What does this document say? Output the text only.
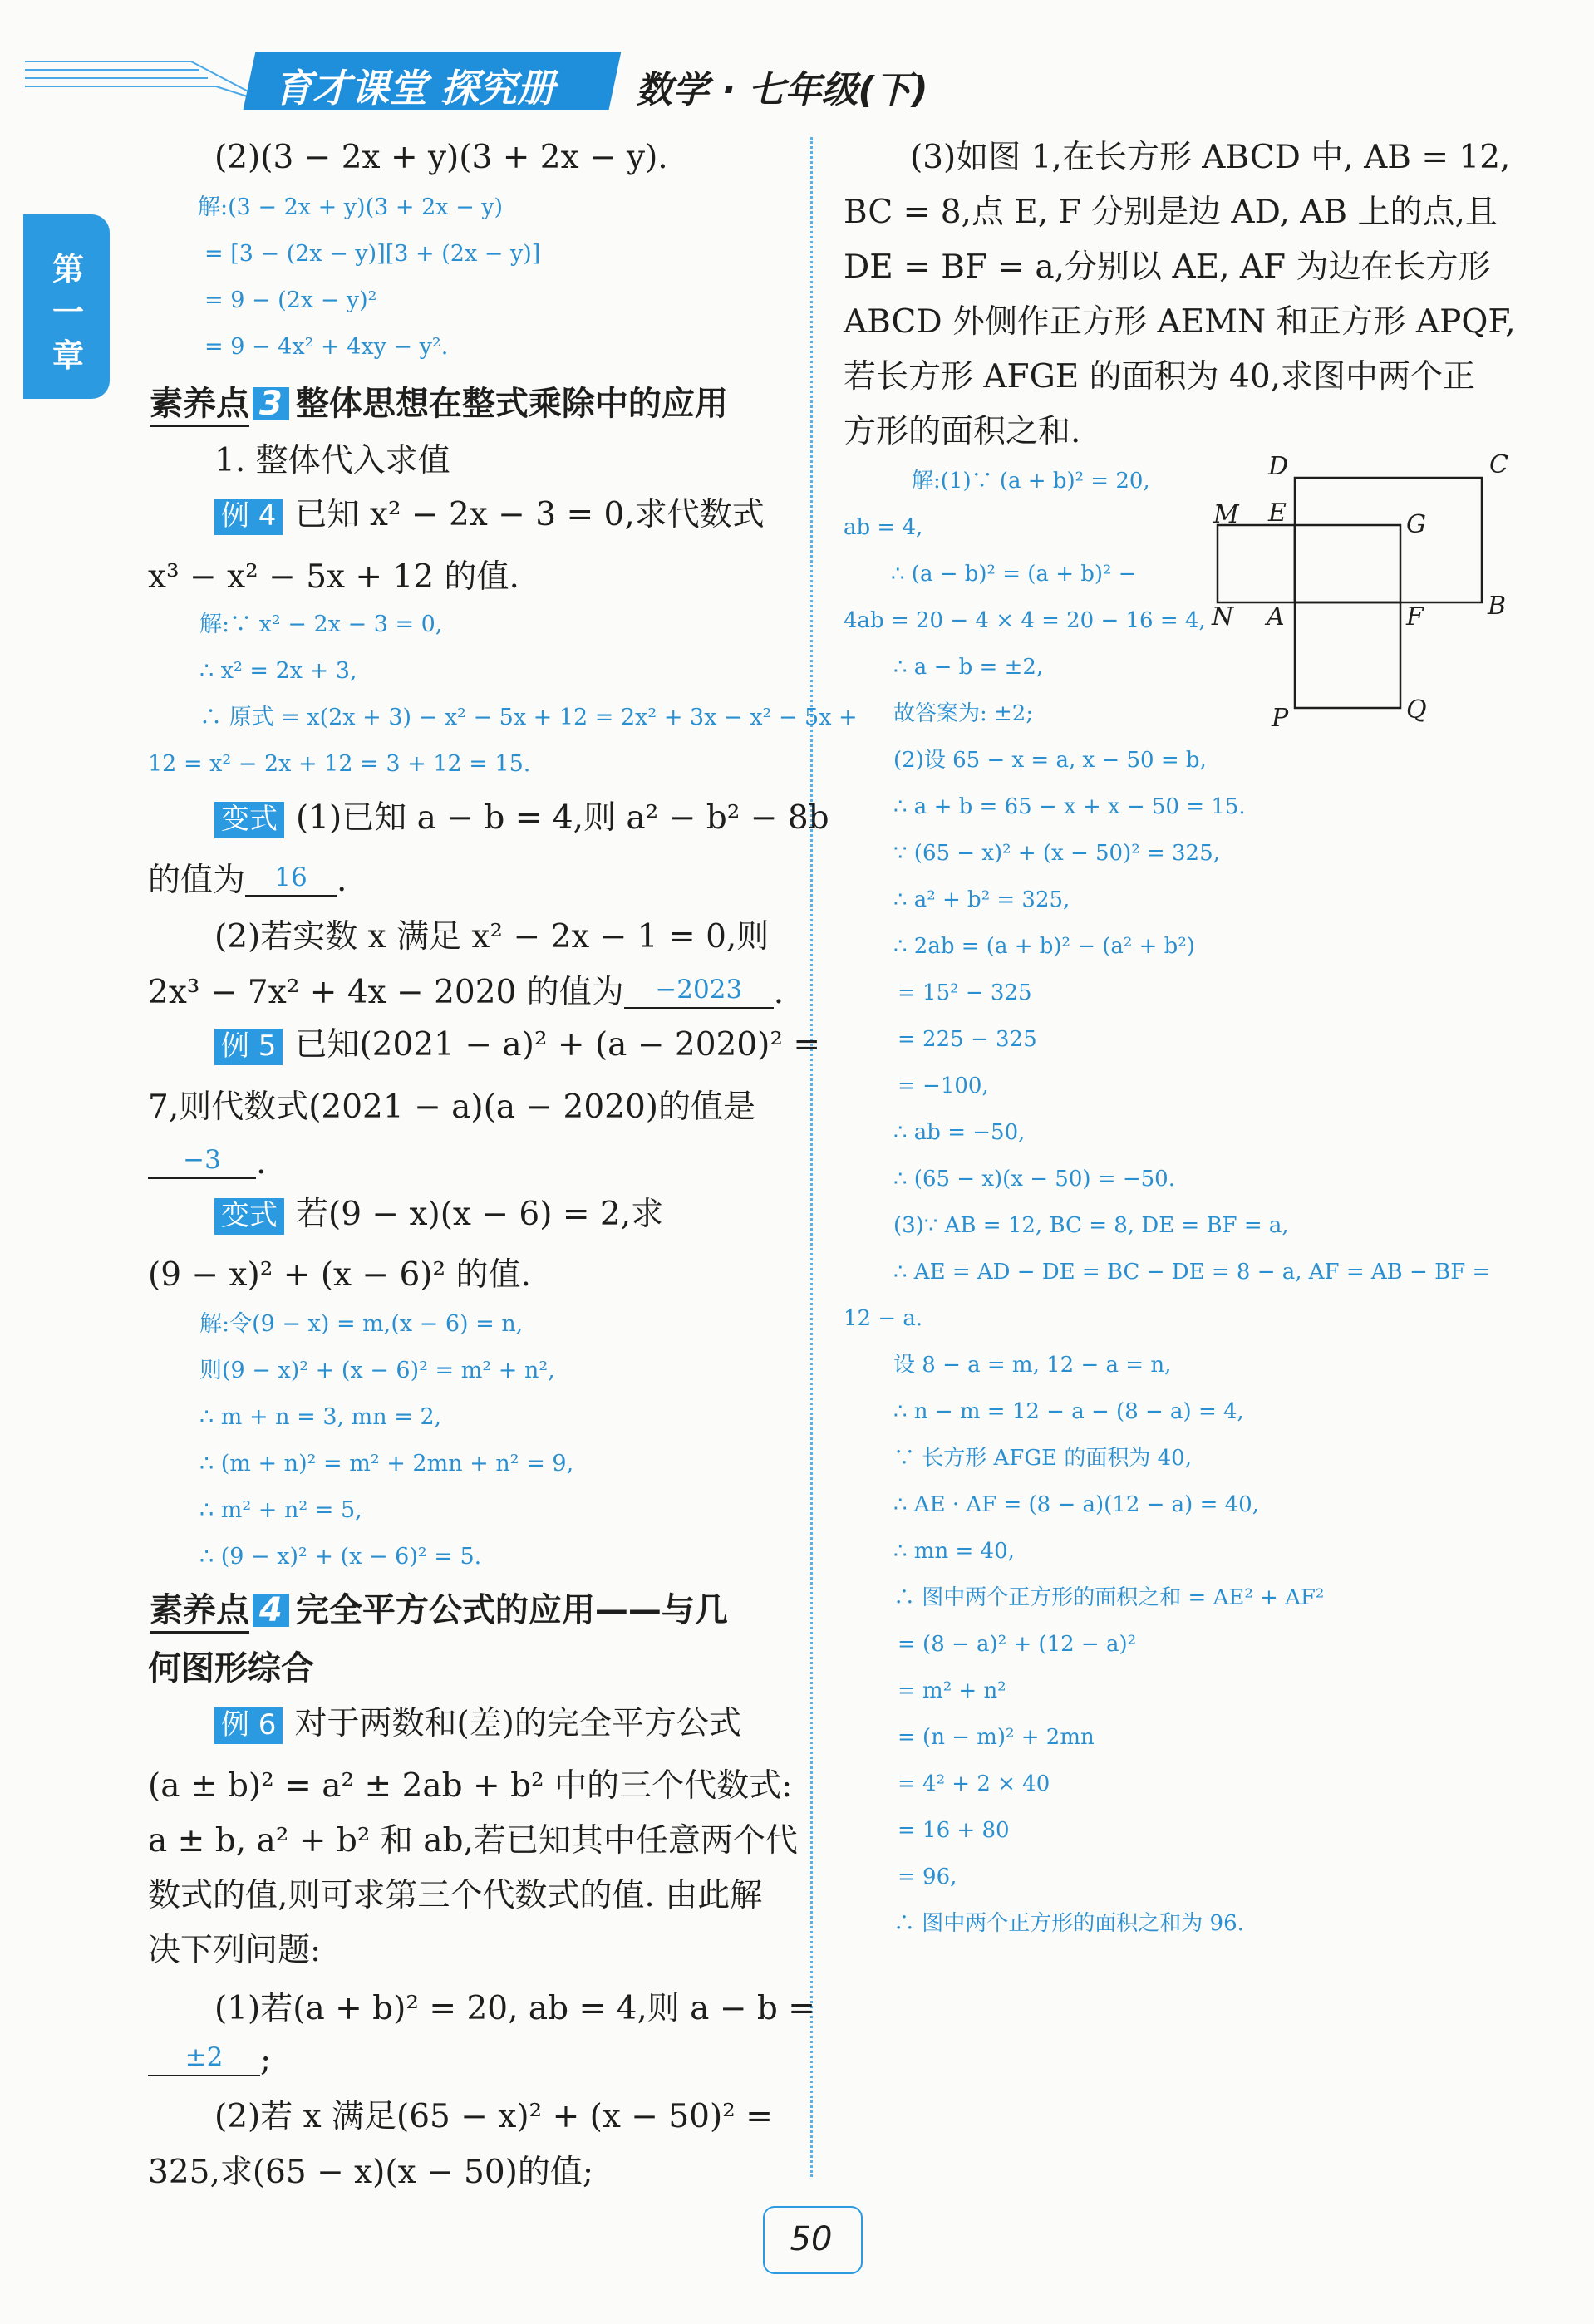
育才课堂 探究册 数学 · 七年级(下)
第一章
(2)(3 − 2x + y)(3 + 2x − y).
解:(3 − 2x + y)(3 + 2x − y)
= [3 − (2x − y)][3 + (2x − y)]
= 9 − (2x − y)²
= 9 − 4x² + 4xy − y².
素养点 3 整体思想在整式乘除中的应用
1. 整体代入求值
例 4 已知 x² − 2x − 3 = 0,求代数式
x³ − x² − 5x + 12 的值.
解:∵ x² − 2x − 3 = 0,
∴ x² = 2x + 3,
∴ 原式 = x(2x + 3) − x² − 5x + 12 = 2x² + 3x − x² − 5x +
12 = x² − 2x + 12 = 3 + 12 = 15.
变式 (1)已知 a − b = 4,则 a² − b² − 8b
的值为 16 .
(2)若实数 x 满足 x² − 2x − 1 = 0,则
2x³ − 7x² + 4x − 2020 的值为 −2023 .
例 5 已知(2021 − a)² + (a − 2020)² =
7,则代数式(2021 − a)(a − 2020)的值是
−3 .
变式 若(9 − x)(x − 6) = 2,求
(9 − x)² + (x − 6)² 的值.
解:令(9 − x) = m,(x − 6) = n,
则(9 − x)² + (x − 6)² = m² + n²,
∴ m + n = 3, mn = 2,
∴ (m + n)² = m² + 2mn + n² = 9,
∴ m² + n² = 5,
∴ (9 − x)² + (x − 6)² = 5.
素养点 4 完全平方公式的应用——与几
何图形综合
例 6 对于两数和(差)的完全平方公式
(a ± b)² = a² ± 2ab + b² 中的三个代数式:
a ± b, a² + b² 和 ab,若已知其中任意两个代
数式的值,则可求第三个代数式的值. 由此解
决下列问题:
(1)若(a + b)² = 20, ab = 4,则 a − b =
±2 ;
(2)若 x 满足(65 − x)² + (x − 50)² =
325,求(65 − x)(x − 50)的值;
(3)如图 1,在长方形 ABCD 中, AB = 12,
BC = 8,点 E, F 分别是边 AD, AB 上的点,且
DE = BF = a,分别以 AE, AF 为边在长方形
ABCD 外侧作正方形 AEMN 和正方形 APQF,
若长方形 AFGE 的面积为 40,求图中两个正
方形的面积之和.
解:(1)∵ (a + b)² = 20,
ab = 4,
∴ (a − b)² = (a + b)² −
4ab = 20 − 4 × 4 = 20 − 16 = 4,
D	C
M E	G
N A	F	B
P	Q
∴ a − b = ±2,
故答案为: ±2;
(2)设 65 − x = a, x − 50 = b,
∴ a + b = 65 − x + x − 50 = 15.
∵ (65 − x)² + (x − 50)² = 325,
∴ a² + b² = 325,
∴ 2ab = (a + b)² − (a² + b²)
= 15² − 325
= 225 − 325
= −100,
∴ ab = −50,
∴ (65 − x)(x − 50) = −50.
(3)∵ AB = 12, BC = 8, DE = BF = a,
∴ AE = AD − DE = BC − DE = 8 − a, AF = AB − BF =
12 − a.
设 8 − a = m, 12 − a = n,
∴ n − m = 12 − a − (8 − a) = 4,
∵ 长方形 AFGE 的面积为 40,
∴ AE · AF = (8 − a)(12 − a) = 40,
∴ mn = 40,
∴ 图中两个正方形的面积之和 = AE² + AF²
= (8 − a)² + (12 − a)²
= m² + n²
= (n − m)² + 2mn
= 4² + 2 × 40
= 16 + 80
= 96,
∴ 图中两个正方形的面积之和为 96.
50
